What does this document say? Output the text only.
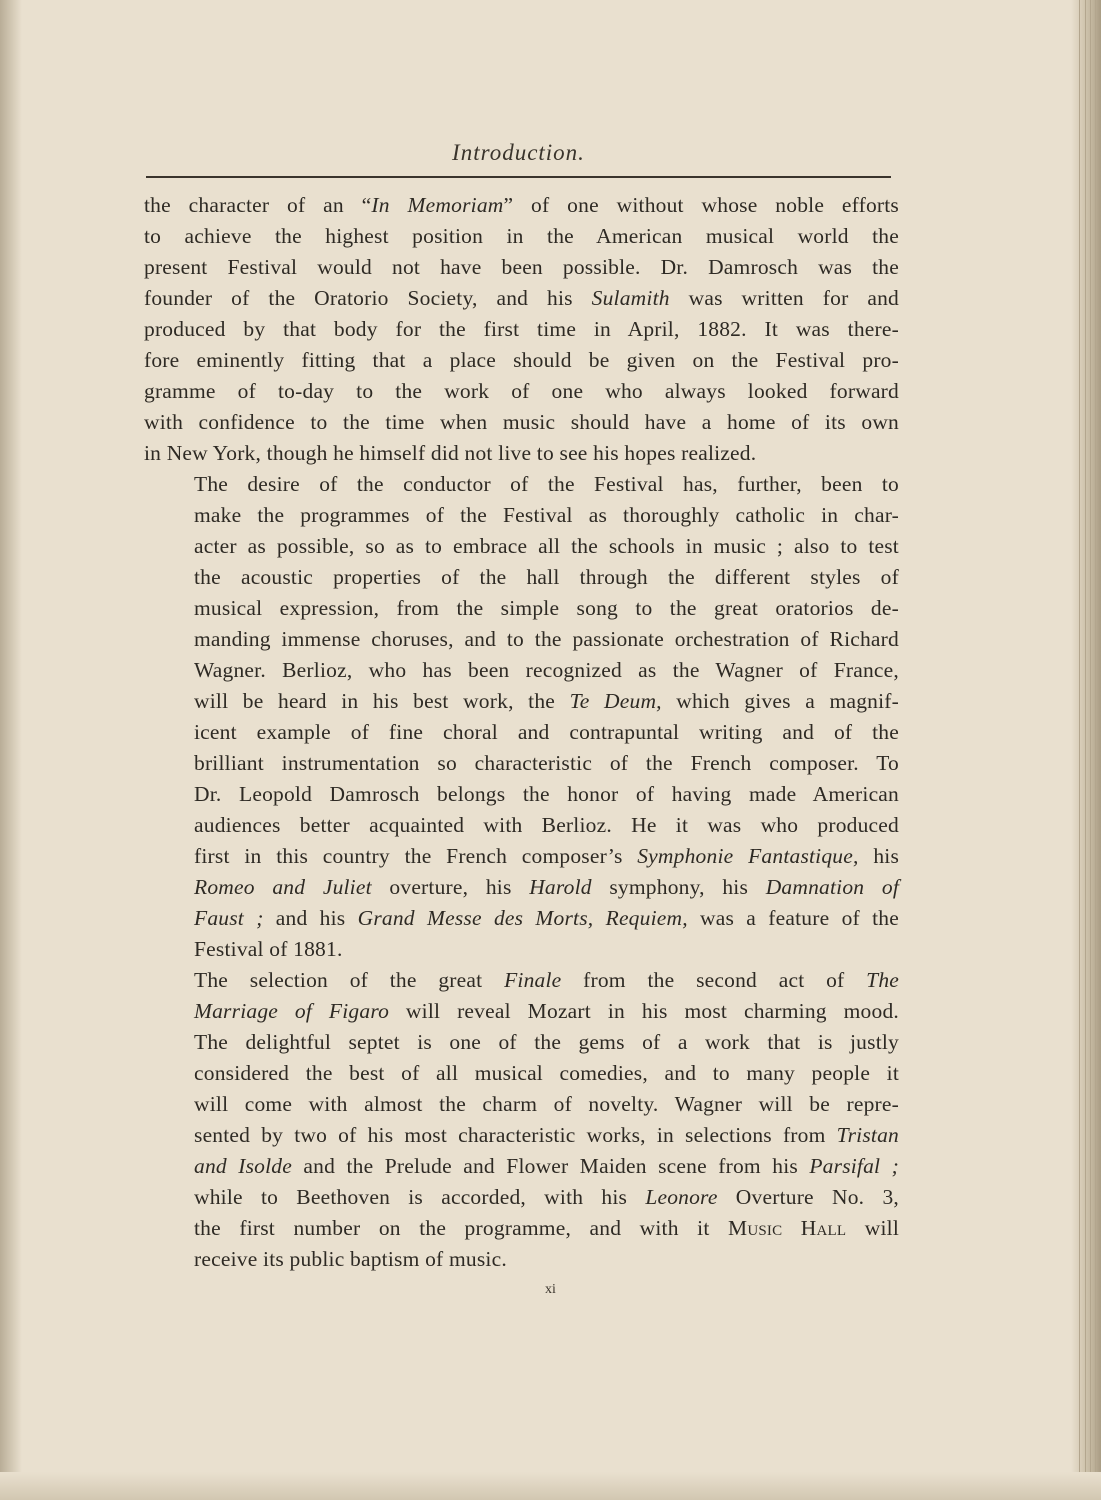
Introduction.

the character of an “In Memoriam” of one without whose noble efforts
to achieve the highest position in the American musical world the
present Festival would not have been possible. Dr. Damrosch was the
founder of the Oratorio Society, and his Sulamith was written for and
produced by that body for the first time in April, 1882. It was there-
fore eminently fitting that a place should be given on the Festival pro-
gramme of to-day to the work of one who always looked forward
with confidence to the time when music should have a home of its own
in New York, though he himself did not live to see his hopes realized.

The desire of the conductor of the Festival has, further, been to
make the programmes of the Festival as thoroughly catholic in char-
acter as possible, so as to embrace all the schools in music ; also to test
the acoustic properties of the hall through the different styles of
musical expression, from the simple song to the great oratorios de-
manding immense choruses, and to the passionate orchestration of Richard
Wagner. Berlioz, who has been recognized as the Wagner of France,
will be heard in his best work, the Te Deum, which gives a magnif-
icent example of fine choral and contrapuntal writing and of the
brilliant instrumentation so characteristic of the French composer. To
Dr. Leopold Damrosch belongs the honor of having made American
audiences better acquainted with Berlioz. He it was who produced
first in this country the French composer’s Symphonie Fantastique, his
Romeo and Juliet overture, his Harold symphony, his Damnation of
Faust ; and his Grand Messe des Morts, Requiem, was a feature of the
Festival of 1881.

The selection of the great Finale from the second act of The
Marriage of Figaro will reveal Mozart in his most charming mood.
The delightful septet is one of the gems of a work that is justly
considered the best of all musical comedies, and to many people it
will come with almost the charm of novelty. Wagner will be repre-
sented by two of his most characteristic works, in selections from Tristan
and Isolde and the Prelude and Flower Maiden scene from his Parsifal ;
while to Beethoven is accorded, with his Leonore Overture No. 3,
the first number on the programme, and with it Music Hall will
receive its public baptism of music.

xi
